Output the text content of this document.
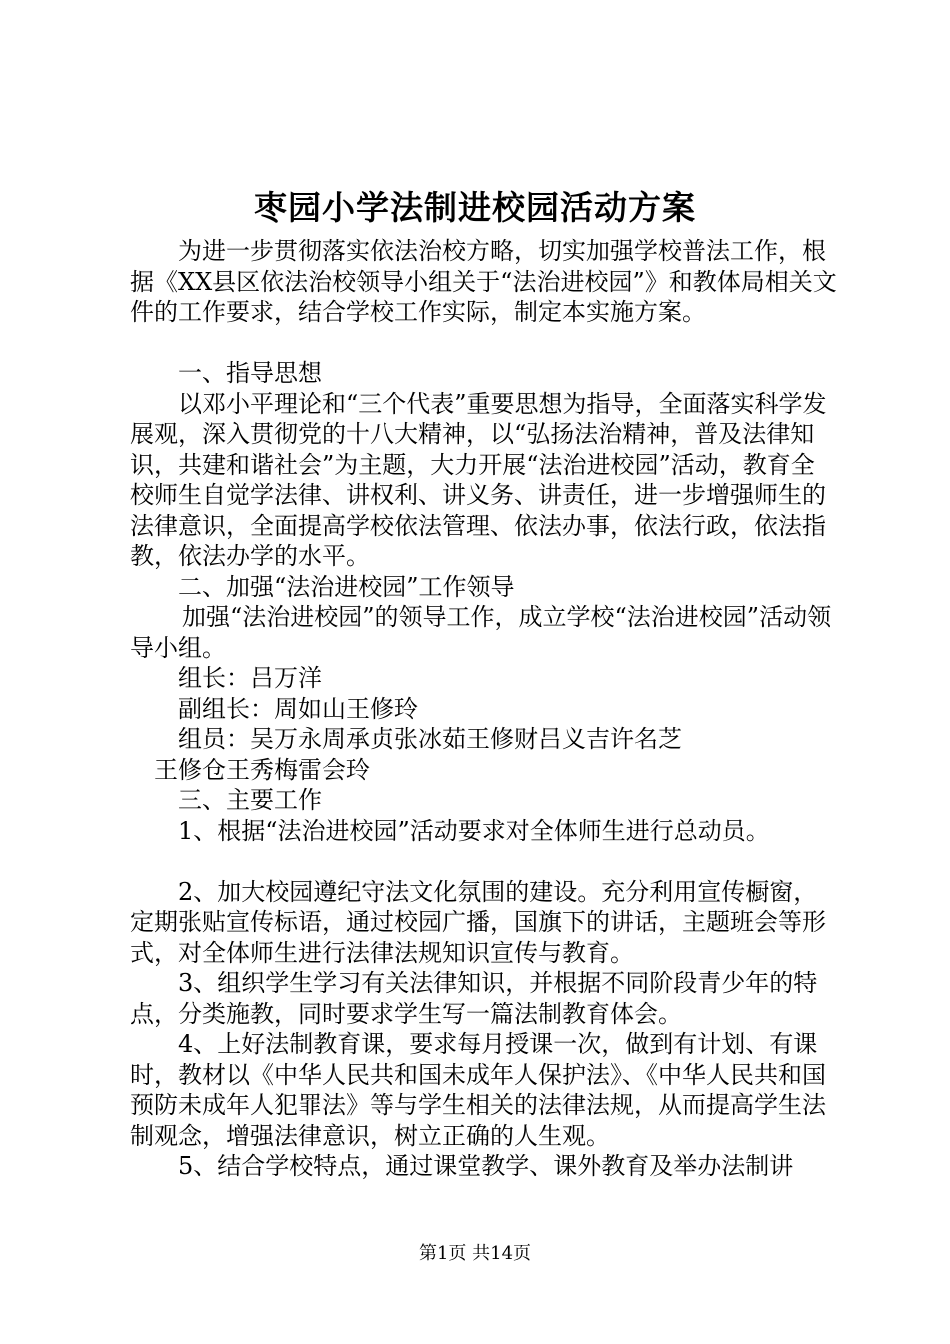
枣园小学法制进校园活动方案

为进一步贯彻落实依法治校方略，切实加强学校普法工作，根据《XX县区依法治校领导小组关于“法治进校园”》和教体局相关文件的工作要求，结合学校工作实际，制定本实施方案。

一、指导思想

以邓小平理论和“三个代表”重要思想为指导，全面落实科学发展观，深入贯彻党的十八大精神，以“弘扬法治精神，普及法律知识，共建和谐社会”为主题，大力开展“法治进校园”活动，教育全校师生自觉学法律、讲权利、讲义务、讲责任，进一步增强师生的法律意识，全面提高学校依法管理、依法办事，依法行政，依法指教，依法办学的水平。

二、加强“法治进校园”工作领导

加强“法治进校园”的领导工作，成立学校“法治进校园”活动领导小组。

组长：吕万洋

副组长：周如山王修玲

组员：吴万永周承贞张冰茹王修财吕义吉许名芝

王修仓王秀梅雷会玲

三、主要工作

1、根据“法治进校园”活动要求对全体师生进行总动员。

2、加大校园遵纪守法文化氛围的建设。充分利用宣传橱窗，定期张贴宣传标语，通过校园广播，国旗下的讲话，主题班会等形式，对全体师生进行法律法规知识宣传与教育。

3、组织学生学习有关法律知识，并根据不同阶段青少年的特点，分类施教，同时要求学生写一篇法制教育体会。

4、上好法制教育课，要求每月授课一次，做到有计划、有课时，教材以《中华人民共和国未成年人保护法》、《中华人民共和国预防未成年人犯罪法》等与学生相关的法律法规，从而提高学生法制观念，增强法律意识，树立正确的人生观。

5、结合学校特点，通过课堂教学、课外教育及举办法制讲

第1页 共14页
